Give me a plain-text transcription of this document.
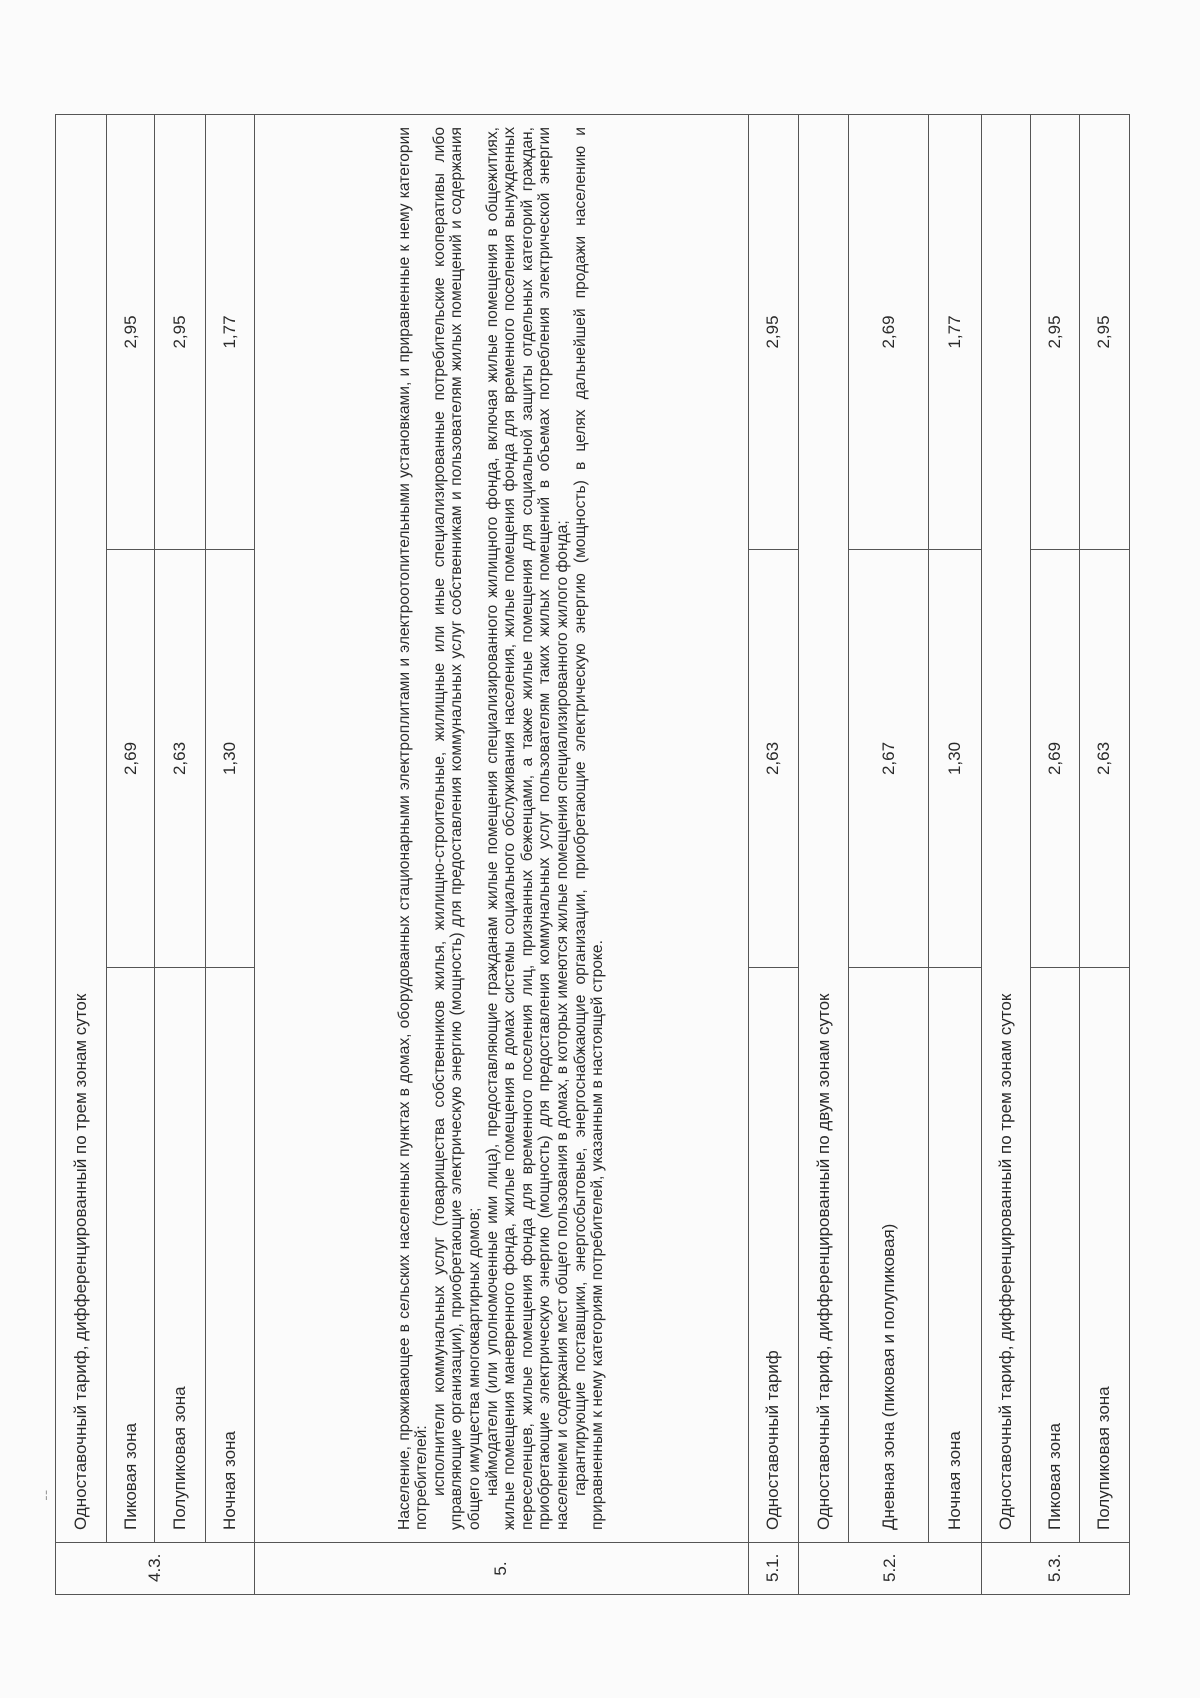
¦
4.3.	Одноставочный тариф, дифференцированный по трем зонам суток		
	Пиковая зона	2,69	2,95
	Полупиковая зона	2,63	2,95
	Ночная зона	1,30	1,77
5.	Население, проживающее в сельских населенных пунктах в домах, оборудованных стационарными электроплитами и электроотопительными установками, и приравненные к нему категории потребителей: исполнители коммунальных услуг (товарищества собственников жилья, жилищно-строительные, жилищные или иные специализированные потребительские кооперативы либо управляющие организации), приобретающие электрическую энергию (мощность) для предоставления коммунальных услуг собственникам и пользователям жилых помещений и содержания общего имущества многоквартирных домов; наймодатели (или уполномоченные ими лица), предоставляющие гражданам жилые помещения специализированного жилищного фонда, включая жилые помещения в общежитиях, жилые помещения маневренного фонда, жилые помещения в домах системы социального обслуживания населения, жилые помещения фонда для временного поселения вынужденных переселенцев, жилые помещения фонда для временного поселения лиц, признанных беженцами, а также жилые помещения для социальной защиты отдельных категорий граждан, приобретающие электрическую энергию (мощность) для предоставления коммунальных услуг пользователям таких жилых помещений в объемах потребления электрической энергии населением и содержания мест общего пользования в домах, в которых имеются жилые помещения специализированного жилого фонда; гарантирующие поставщики, энергосбытовые, энергоснабжающие организации, приобретающие электрическую энергию (мощность) в целях дальнейшей продажи населению и приравненным к нему категориям потребителей, указанным в настоящей строке.		

5.1.	Одноставочный тариф	2,63	2,95
5.2.	Одноставочный тариф, дифференцированный по двум зонам суток		
	Дневная зона (пиковая и полупиковая)	2,67	2,69
	Ночная зона	1,30	1,77
5.3.	Одноставочный тариф, дифференцированный по трем зонам суток		
	Пиковая зона	2,69	2,95
	Полупиковая зона	2,63	2,95
